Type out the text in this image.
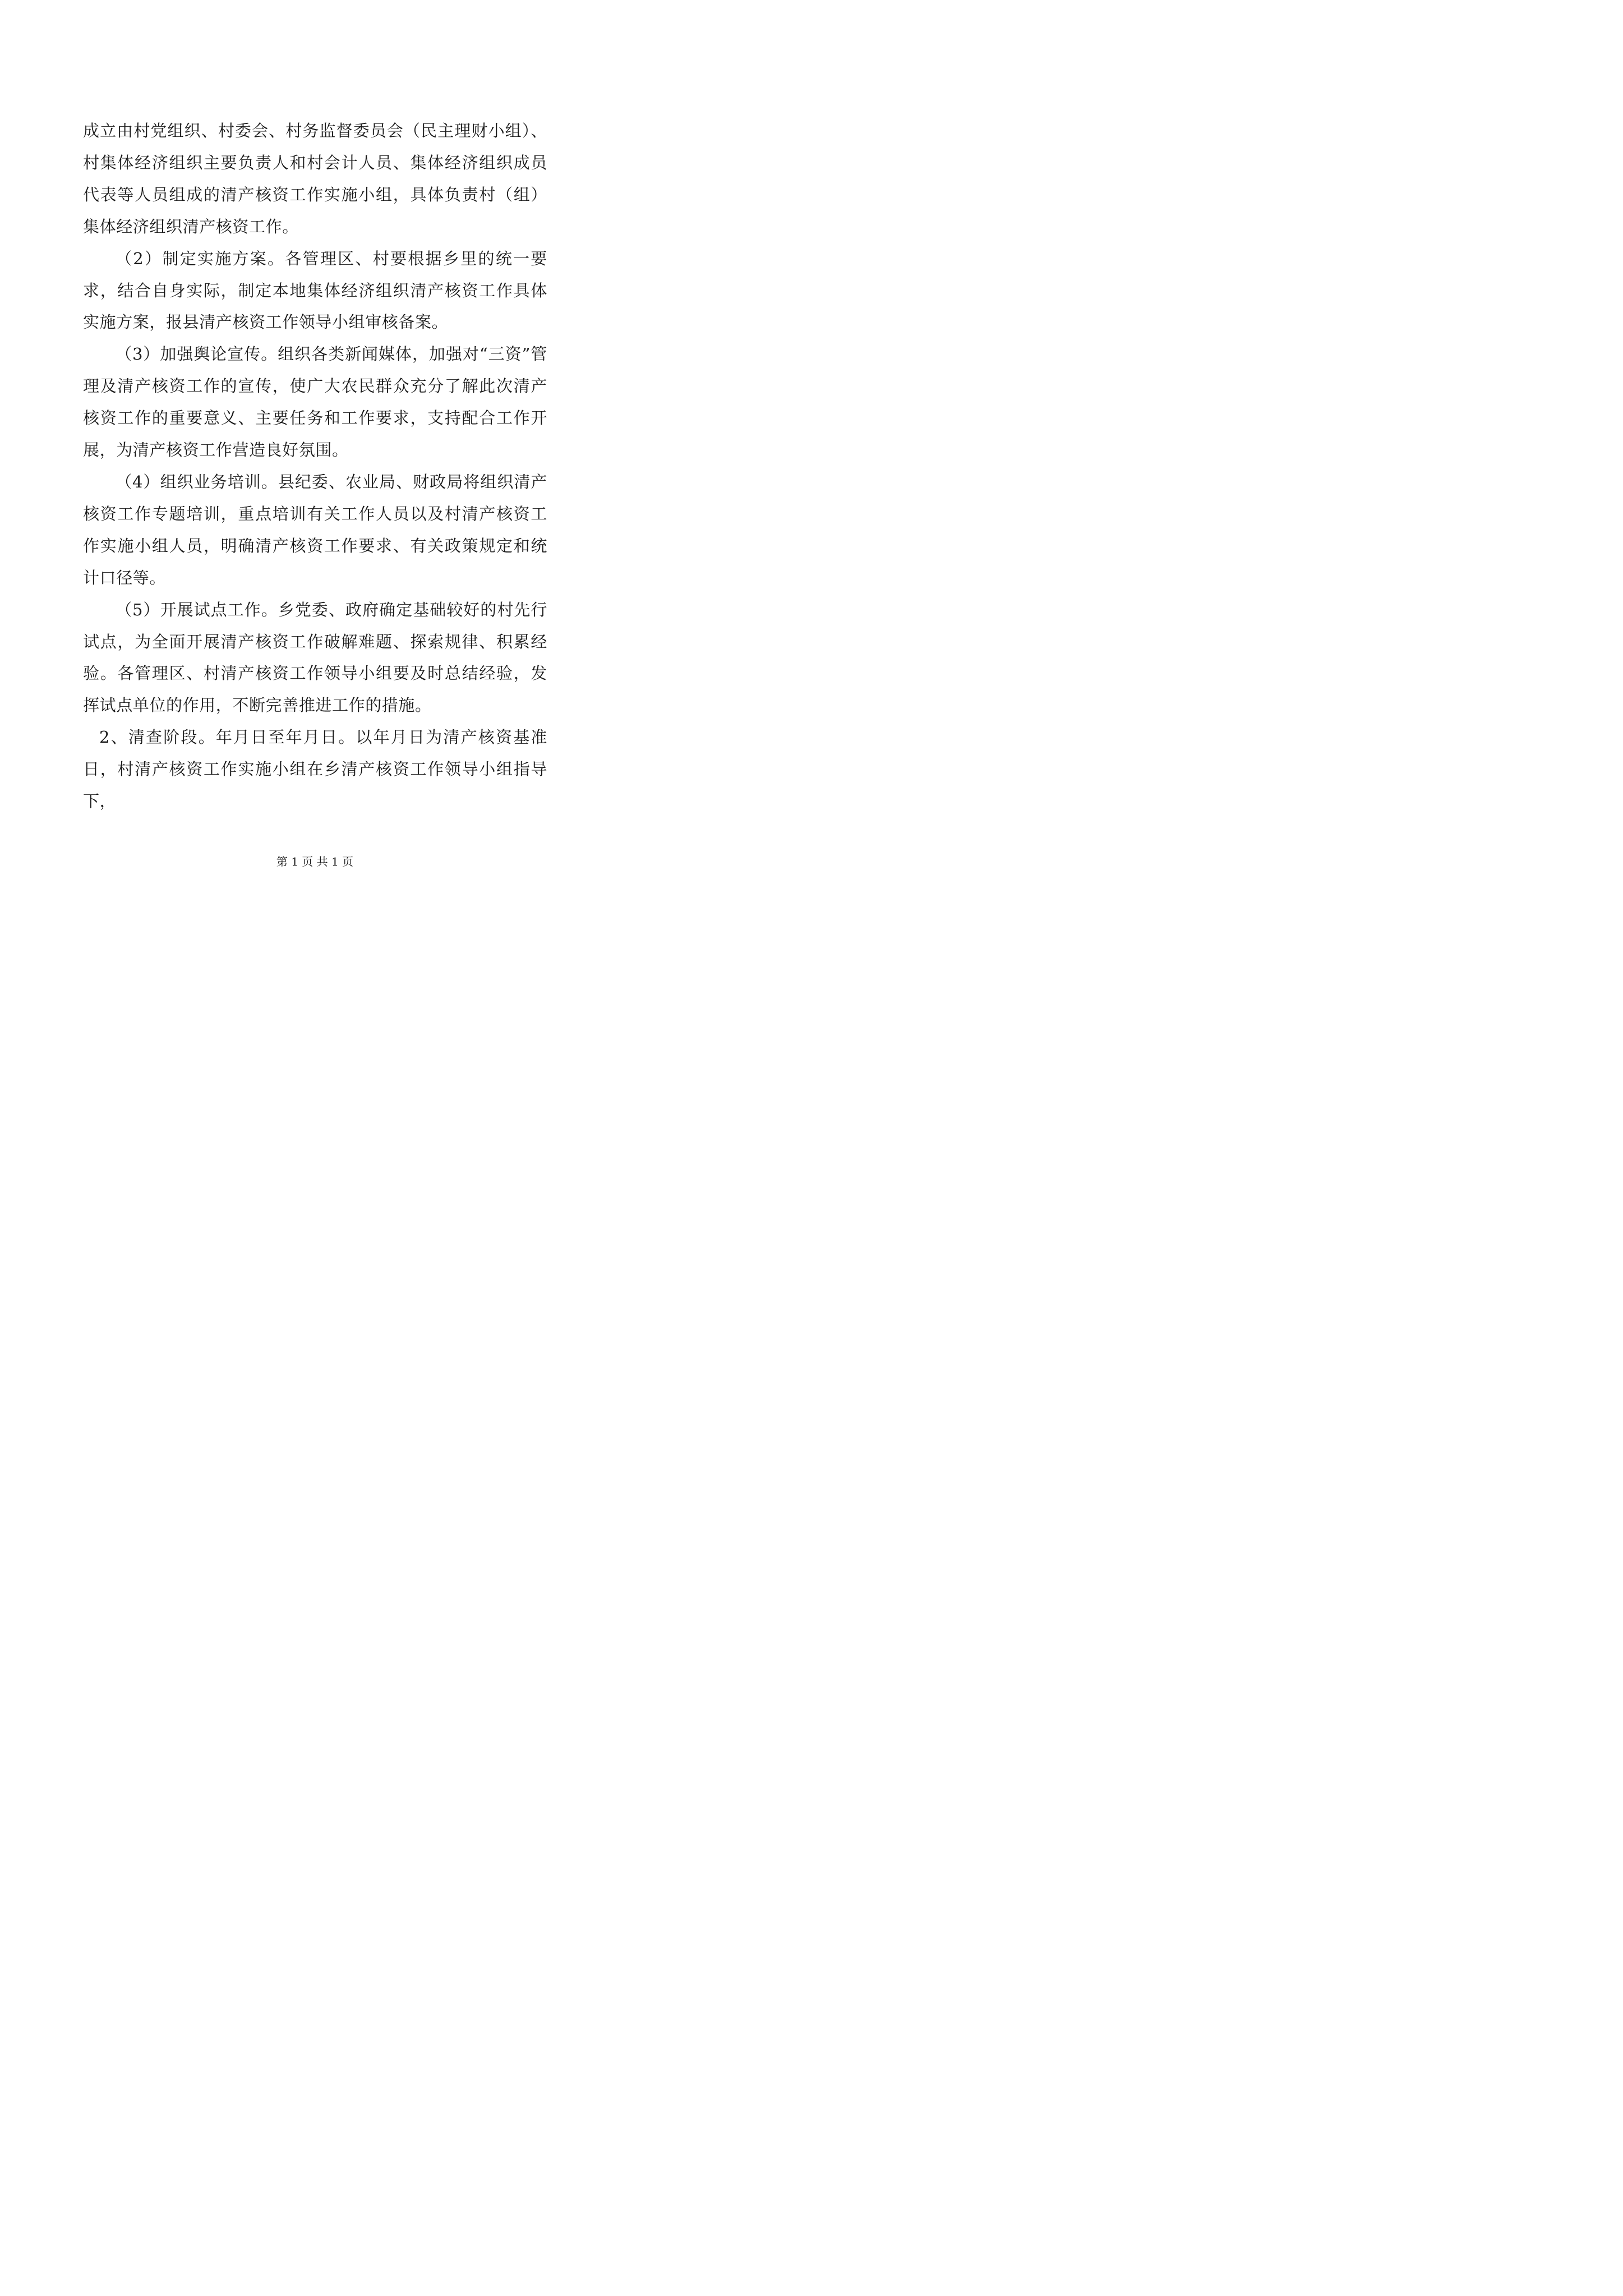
成立由村党组织、村委会、村务监督委员会（民主理财小组）、村集体经济组织主要负责人和村会计人员、集体经济组织成员代表等人员组成的清产核资工作实施小组，具体负责村（组）集体经济组织清产核资工作。

（2）制定实施方案。各管理区、村要根据乡里的统一要求，结合自身实际，制定本地集体经济组织清产核资工作具体实施方案，报县清产核资工作领导小组审核备案。

（3）加强舆论宣传。组织各类新闻媒体，加强对“三资”管理及清产核资工作的宣传，使广大农民群众充分了解此次清产核资工作的重要意义、主要任务和工作要求，支持配合工作开展，为清产核资工作营造良好氛围。

（4）组织业务培训。县纪委、农业局、财政局将组织清产核资工作专题培训，重点培训有关工作人员以及村清产核资工作实施小组人员，明确清产核资工作要求、有关政策规定和统计口径等。

（5）开展试点工作。乡党委、政府确定基础较好的村先行试点，为全面开展清产核资工作破解难题、探索规律、积累经验。各管理区、村清产核资工作领导小组要及时总结经验，发挥试点单位的作用，不断完善推进工作的措施。

2、清查阶段。年月日至年月日。以年月日为清产核资基准日，村清产核资工作实施小组在乡清产核资工作领导小组指导下，

第 1 页 共 1 页
